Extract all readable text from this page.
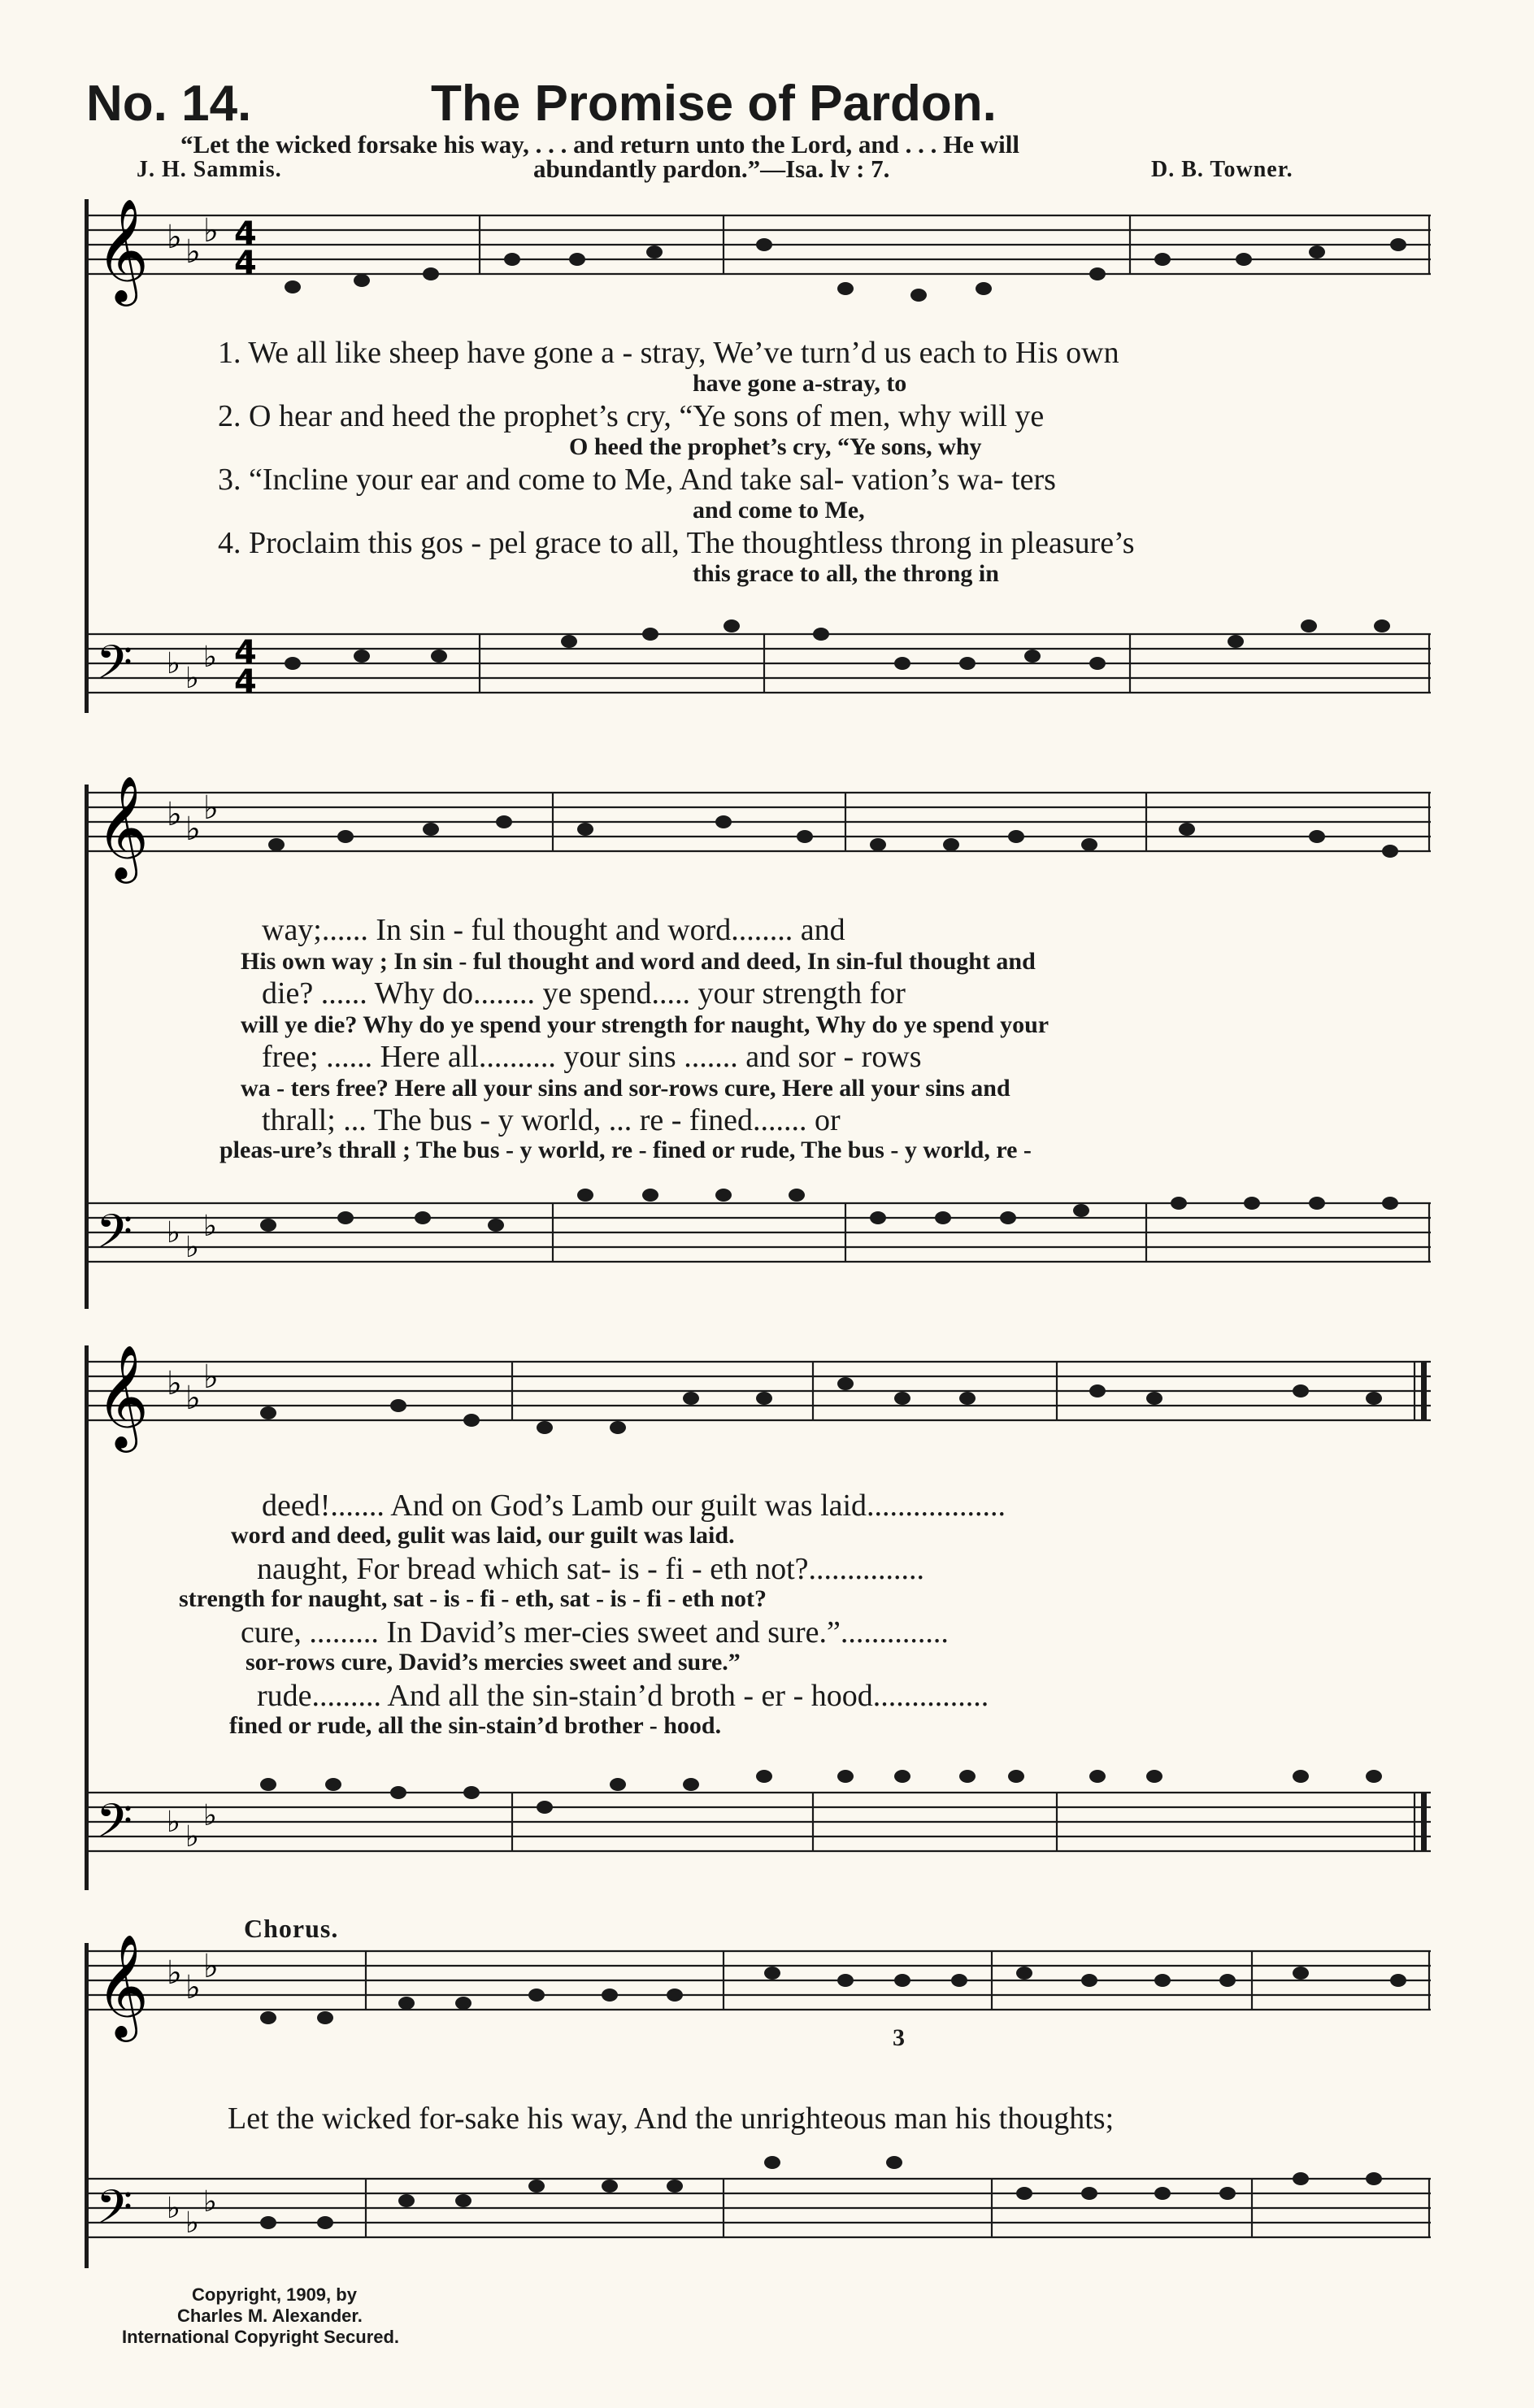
No. 14.	The Promise of Pardon.
“Let the wicked forsake his way, . . . and return unto the Lord, and . . . He will
J. H. Sammis.	abundantly pardon.”—Isa. lv : 7.	D. B. Towner.
𝄞 ♭ ♭
♭ 4
4
𝄢 ♭ ♭
♭ 4
4
𝄞 ♭ ♭
♭
𝄢 ♭ ♭
♭
𝄞 ♭ ♭
♭
𝄢 ♭ ♭
♭
𝄞 ♭ ♭
♭
𝄢 ♭ ♭
♭
1. We all like sheep have gone a - stray, We’ve turn’d us each to His own
have gone a-stray, to
2. O hear and heed the prophet’s cry, “Ye sons of men, why will ye
O heed the prophet’s cry, “Ye sons, why
3. “Incline your ear and come to Me, And take sal- vation’s wa- ters
and come to Me,
4. Proclaim this gos - pel grace to all, The thoughtless throng in pleasure’s
this grace to all, the throng in
way;...... In sin - ful thought and word........ and
His own way ; In sin - ful thought and word and deed, In sin-ful thought and
die? ...... Why do........ ye spend..... your strength for
will ye die? Why do ye spend your strength for naught, Why do ye spend your
free; ...... Here all.......... your sins ....... and sor - rows
wa - ters free? Here all your sins and sor-rows cure, Here all your sins and
thrall; ... The bus - y world, ... re - fined....... or
pleas-ure’s thrall ; The bus - y world, re - fined or rude, The bus - y world, re -
deed!....... And on God’s Lamb our guilt was laid..................
word and deed, gulit was laid, our guilt was laid.
naught, For bread which sat- is - fi - eth not?...............
strength for naught, sat - is - fi - eth, sat - is - fi - eth not?
cure, ......... In David’s mer-cies sweet and sure.”..............
sor-rows cure, David’s mercies sweet and sure.”
rude......... And all the sin-stain’d broth - er - hood...............
fined or rude, all the sin-stain’d brother - hood.
Chorus.
Let the wicked for-sake his way, And the unrighteous man his thoughts;
3
Copyright, 1909, by
Charles M. Alexander.
International Copyright Secured.
